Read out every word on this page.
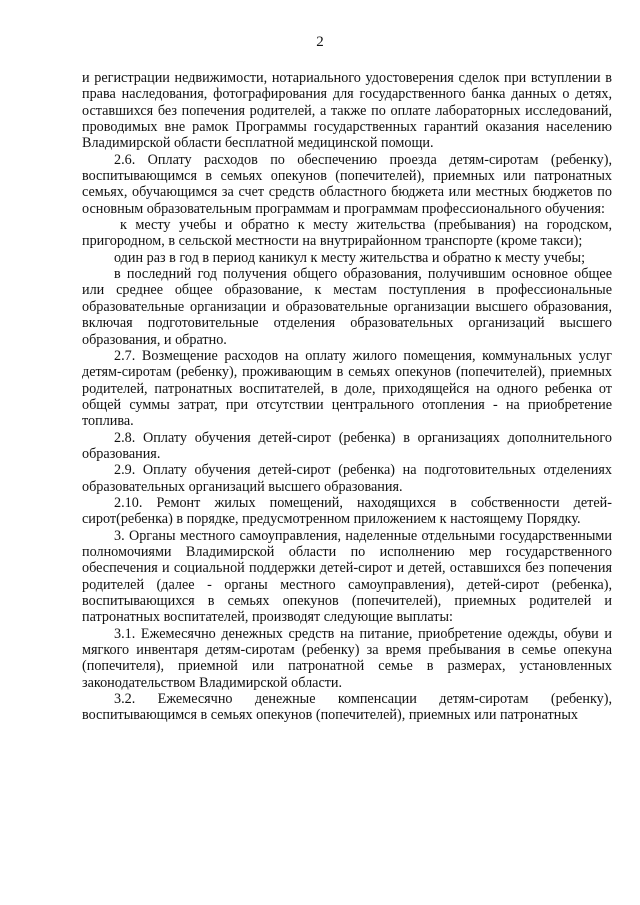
2

и регистрации недвижимости, нотариального удостоверения сделок при вступлении в права наследования, фотографирования для государственного банка данных о детях, оставшихся без попечения родителей, а также по оплате лабораторных исследований, проводимых вне рамок Программы государственных гарантий оказания населению Владимирской области бесплатной медицинской помощи.

2.6. Оплату расходов по обеспечению проезда детям-сиротам (ребенку), воспитывающимся в семьях опекунов (попечителей), приемных или патронатных семьях, обучающимся за счет средств областного бюджета или местных бюджетов по основным образовательным программам и программам профессионального обучения:

к месту учебы и обратно к месту жительства (пребывания) на городском, пригородном, в сельской местности на внутрирайонном транспорте (кроме такси);

один раз в год в период каникул к месту жительства и обратно к месту учебы;

в последний год получения общего образования, получившим основное общее или среднее общее образование, к местам поступления в профессиональные образовательные организации и образовательные организации высшего образования, включая подготовительные отделения образовательных организаций высшего образования, и обратно.

2.7. Возмещение расходов на оплату жилого помещения, коммунальных услуг детям-сиротам (ребенку), проживающим в семьях опекунов (попечителей), приемных родителей, патронатных воспитателей, в доле, приходящейся на одного ребенка от общей суммы затрат, при отсутствии центрального отопления - на приобретение топлива.

2.8. Оплату обучения детей-сирот (ребенка) в организациях дополнительного образования.

2.9. Оплату обучения детей-сирот (ребенка) на подготовительных отделениях образовательных организаций высшего образования.

2.10. Ремонт жилых помещений, находящихся в собственности детей-сирот(ребенка) в порядке, предусмотренном приложением к настоящему Порядку.

3. Органы местного самоуправления, наделенные отдельными государственными полномочиями Владимирской области по исполнению мер государственного обеспечения и социальной поддержки детей-сирот и детей, оставшихся без попечения родителей (далее - органы местного самоуправления), детей-сирот (ребенка), воспитывающихся в семьях опекунов (попечителей), приемных родителей и патронатных воспитателей, производят следующие выплаты:

3.1. Ежемесячно денежных средств на питание, приобретение одежды, обуви и мягкого инвентаря детям-сиротам (ребенку) за время пребывания в семье опекуна (попечителя), приемной или патронатной семье в размерах, установленных законодательством Владимирской области.

3.2. Ежемесячно денежные компенсации детям-сиротам (ребенку), воспитывающимся в семьях опекунов (попечителей), приемных или патронатных
